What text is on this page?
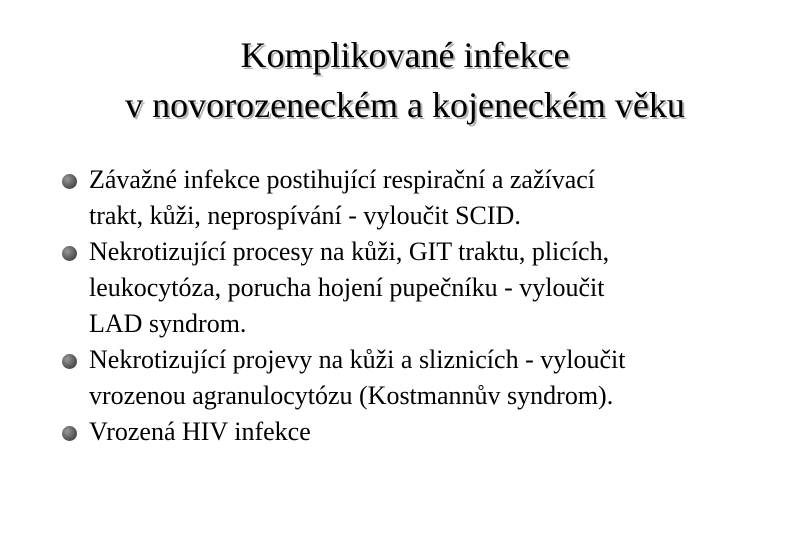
Komplikované infekce
v novorozeneckém a kojeneckém věku
Závažné infekce postihující respirační a zažívací
trakt, kůži, neprospívání - vyloučit SCID.
Nekrotizující procesy na kůži, GIT traktu, plicích,
leukocytóza, porucha hojení pupečníku - vyloučit
LAD syndrom.
Nekrotizující projevy na kůži a sliznicích - vyloučit
vrozenou agranulocytózu (Kostmannův syndrom).
Vrozená HIV infekce
